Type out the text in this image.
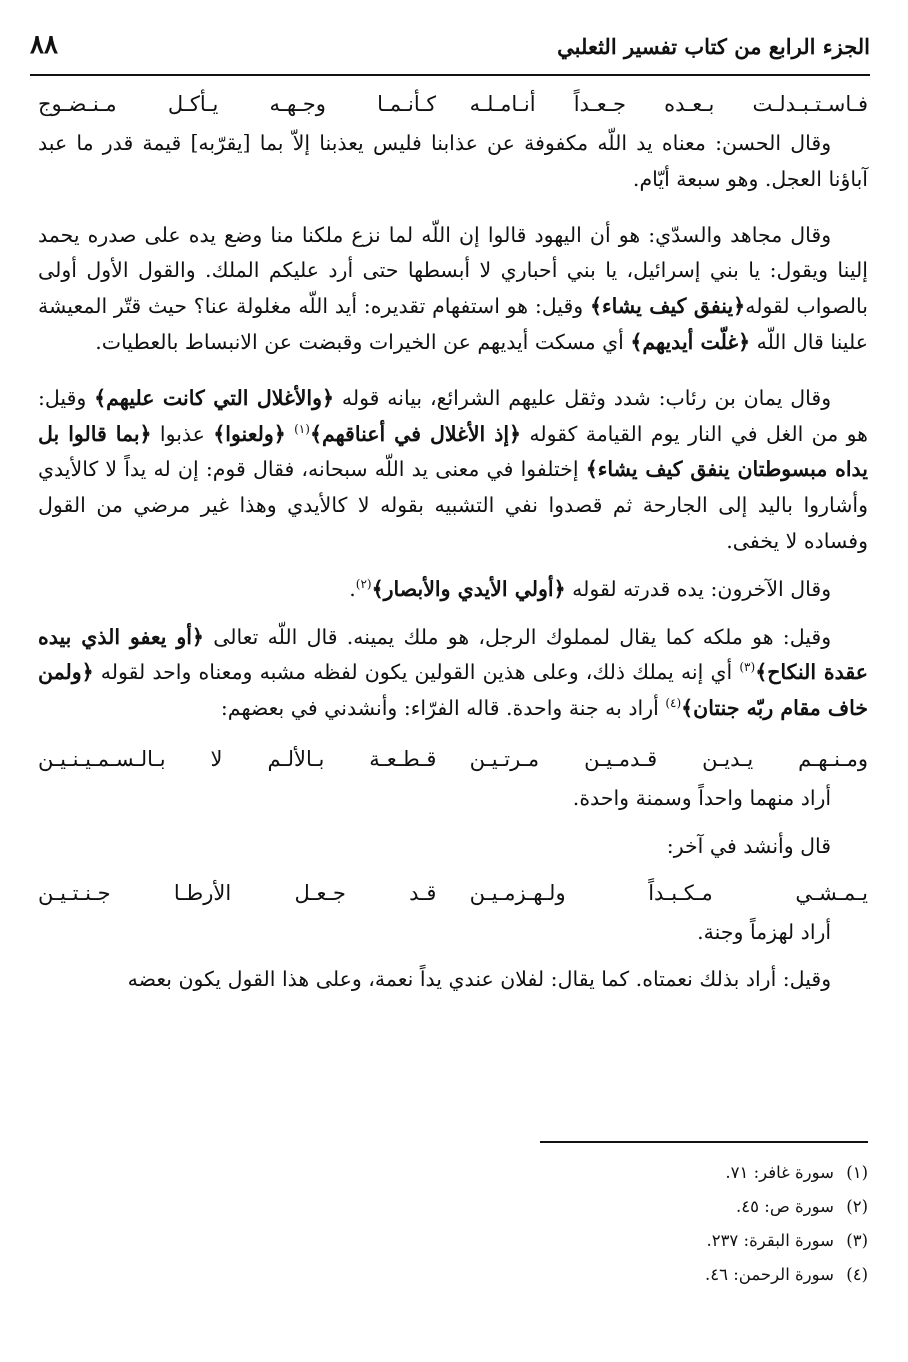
الجزء الرابع من كتاب تفسير الثعلبي
٨٨
فـاسـتـبـدلـت بـعـده جـعـداً أنـامـلـه
كـأنـمـا وجـهـه يـأكـل مـنـضـوج

وقال الحسن: معناه يد اللّه مكفوفة عن عذابنا فليس يعذبنا إلاّ بما [يقرّبه] قيمة قدر ما عبد آباؤنا العجل. وهو سبعة أيّام.

وقال مجاهد والسدّي: هو أن اليهود قالوا إن اللّه لما نزع ملكنا منا وضع يده على صدره يحمد إلينا ويقول: يا بني إسرائيل، يا بني أحباري لا أبسطها حتى أرد عليكم الملك. والقول الأول أولى بالصواب لقوله﴿ينفق كيف يشاء﴾ وقيل: هو استفهام تقديره: أيد اللّه مغلولة عنا؟ حيث قتّر المعيشة علينا قال اللّه ﴿غلّت أيديهم﴾ أي مسكت أيديهم عن الخيرات وقبضت عن الانبساط بالعطيات.

وقال يمان بن رئاب: شدد وثقل عليهم الشرائع، بيانه قوله ﴿والأغلال التي كانت عليهم﴾ وقيل: هو من الغل في النار يوم القيامة كقوله ﴿إذ الأغلال في أعناقهم﴾$^{(١)}$ ﴿ولعنوا﴾ عذبوا ﴿بما قالوا بل يداه مبسوطتان ينفق كيف يشاء﴾ إختلفوا في معنى يد اللّه سبحانه، فقال قوم: إن له يداً لا كالأيدي وأشاروا باليد إلى الجارحة ثم قصدوا نفي التشبيه بقوله لا كالأيدي وهذا غير مرضي من القول وفساده لا يخفى.

وقال الآخرون: يده قدرته لقوله ﴿أولي الأيدي والأبصار﴾$^{(٢)}$.

وقيل: هو ملكه كما يقال لمملوك الرجل، هو ملك يمينه. قال اللّه تعالى ﴿أو يعفو الذي بيده عقدة النكاح﴾$^{(٣)}$ أي إنه يملك ذلك، وعلى هذين القولين يكون لفظه مشبه ومعناه واحد لقوله ﴿ولمن خاف مقام ربّه جنتان﴾$^{(٤)}$ أراد به جنة واحدة. قاله الفرّاء: وأنشدني في بعضهم:

ومـنـهـم يـديـن قـدمـيـن مـرتـيـن
قـطـعـة بـالألـم لا بـالـسـمـيـنـيـن

أراد منهما واحداً وسمنة واحدة.

قال وأنشد في آخر:

يـمـشـي مـكـبـداً ولـهـزمـيـن
قـد جـعـل الأرطـا جـنـتـيـن

أراد لهزماً وجنة.

وقيل: أراد بذلك نعمتاه. كما يقال: لفلان عندي يداً نعمة، وعلى هذا القول يكون بعضه

(١)سورة غافر: ٧١.
(٢)سورة ص: ٤٥.
(٣)سورة البقرة: ٢٣٧.
(٤)سورة الرحمن: ٤٦.
